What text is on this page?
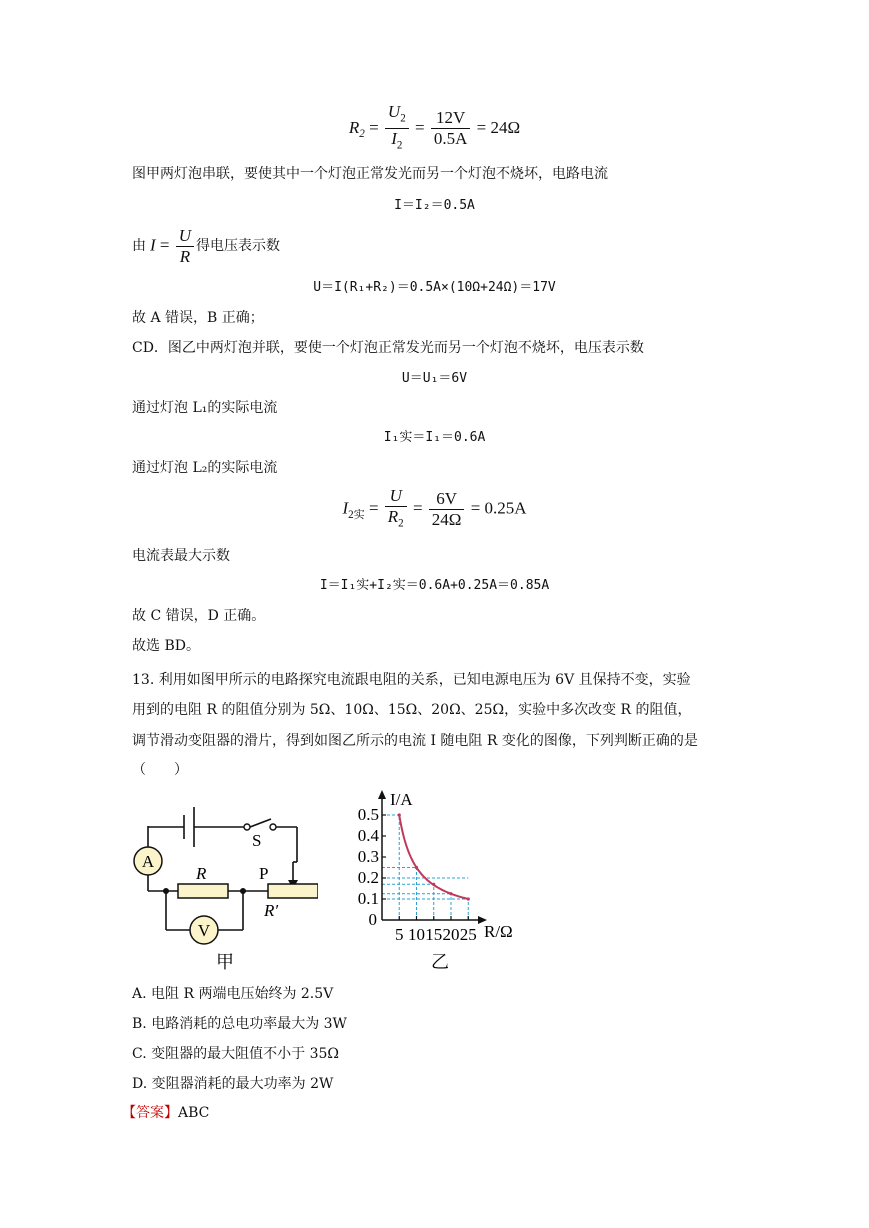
$R_2 = \frac{U_2}{I_2} = \frac{12V}{0.5A} = 24\Omega$
图甲两灯泡串联，要使其中一个灯泡正常发光而另一个灯泡不烧坏，电路电流
I＝I₂＝0.5A
由 $I = \frac{U}{R}$ 得电压表示数
U＝I(R₁+R₂)＝0.5A×(10Ω+24Ω)＝17V
故 A 错误，B 正确；
CD．图乙中两灯泡并联，要使一个灯泡正常发光而另一个灯泡不烧坏，电压表示数
U＝U₁＝6V
通过灯泡 L₁的实际电流
I₁实＝I₁＝0.6A
通过灯泡 L₂的实际电流
$I_{2实} = \frac{U}{R_2} = \frac{6V}{24\Omega} = 0.25A$
电流表最大示数
I＝I₁实+I₂实＝0.6A+0.25A＝0.85A
故 C 错误，D 正确。
故选 BD。
13. 利用如图甲所示的电路探究电流跟电阻的关系，已知电源电压为 6V 且保持不变，实验
用到的电阻 R 的阻值分别为 5Ω、10Ω、15Ω、20Ω、25Ω，实验中多次改变 R 的阻值，
调节滑动变阻器的滑片，得到如图乙所示的电流 I 随电阻 R 变化的图像，下列判断正确的是
（　　）
A
V
S
R	P
R′
甲
0
0.1
0.2
0.3
0.4
0.5
5 10 15 20 25
I/A
R/Ω
乙
A. 电阻 R 两端电压始终为 2.5V
B. 电路消耗的总电功率最大为 3W
C. 变阻器的最大阻值不小于 35Ω
D. 变阻器消耗的最大功率为 2W
【答案】ABC
